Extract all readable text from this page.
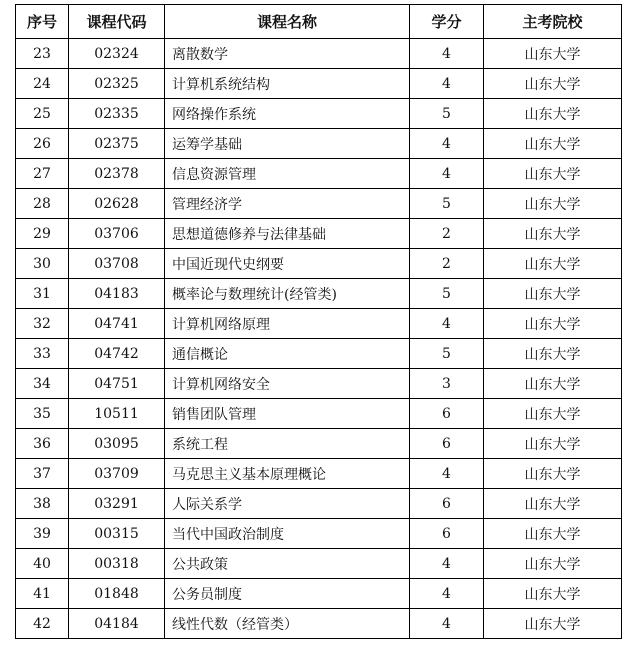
序号	课程代码	课程名称	学分	主考院校
23	02324	离散数学	4	山东大学
24	02325	计算机系统结构	4	山东大学
25	02335	网络操作系统	5	山东大学
26	02375	运筹学基础	4	山东大学
27	02378	信息资源管理	4	山东大学
28	02628	管理经济学	5	山东大学
29	03706	思想道德修养与法律基础	2	山东大学
30	03708	中国近现代史纲要	2	山东大学
31	04183	概率论与数理统计(经管类)	5	山东大学
32	04741	计算机网络原理	4	山东大学
33	04742	通信概论	5	山东大学
34	04751	计算机网络安全	3	山东大学
35	10511	销售团队管理	6	山东大学
36	03095	系统工程	6	山东大学
37	03709	马克思主义基本原理概论	4	山东大学
38	03291	人际关系学	6	山东大学
39	00315	当代中国政治制度	6	山东大学
40	00318	公共政策	4	山东大学
41	01848	公务员制度	4	山东大学
42	04184	线性代数（经管类）	4	山东大学
